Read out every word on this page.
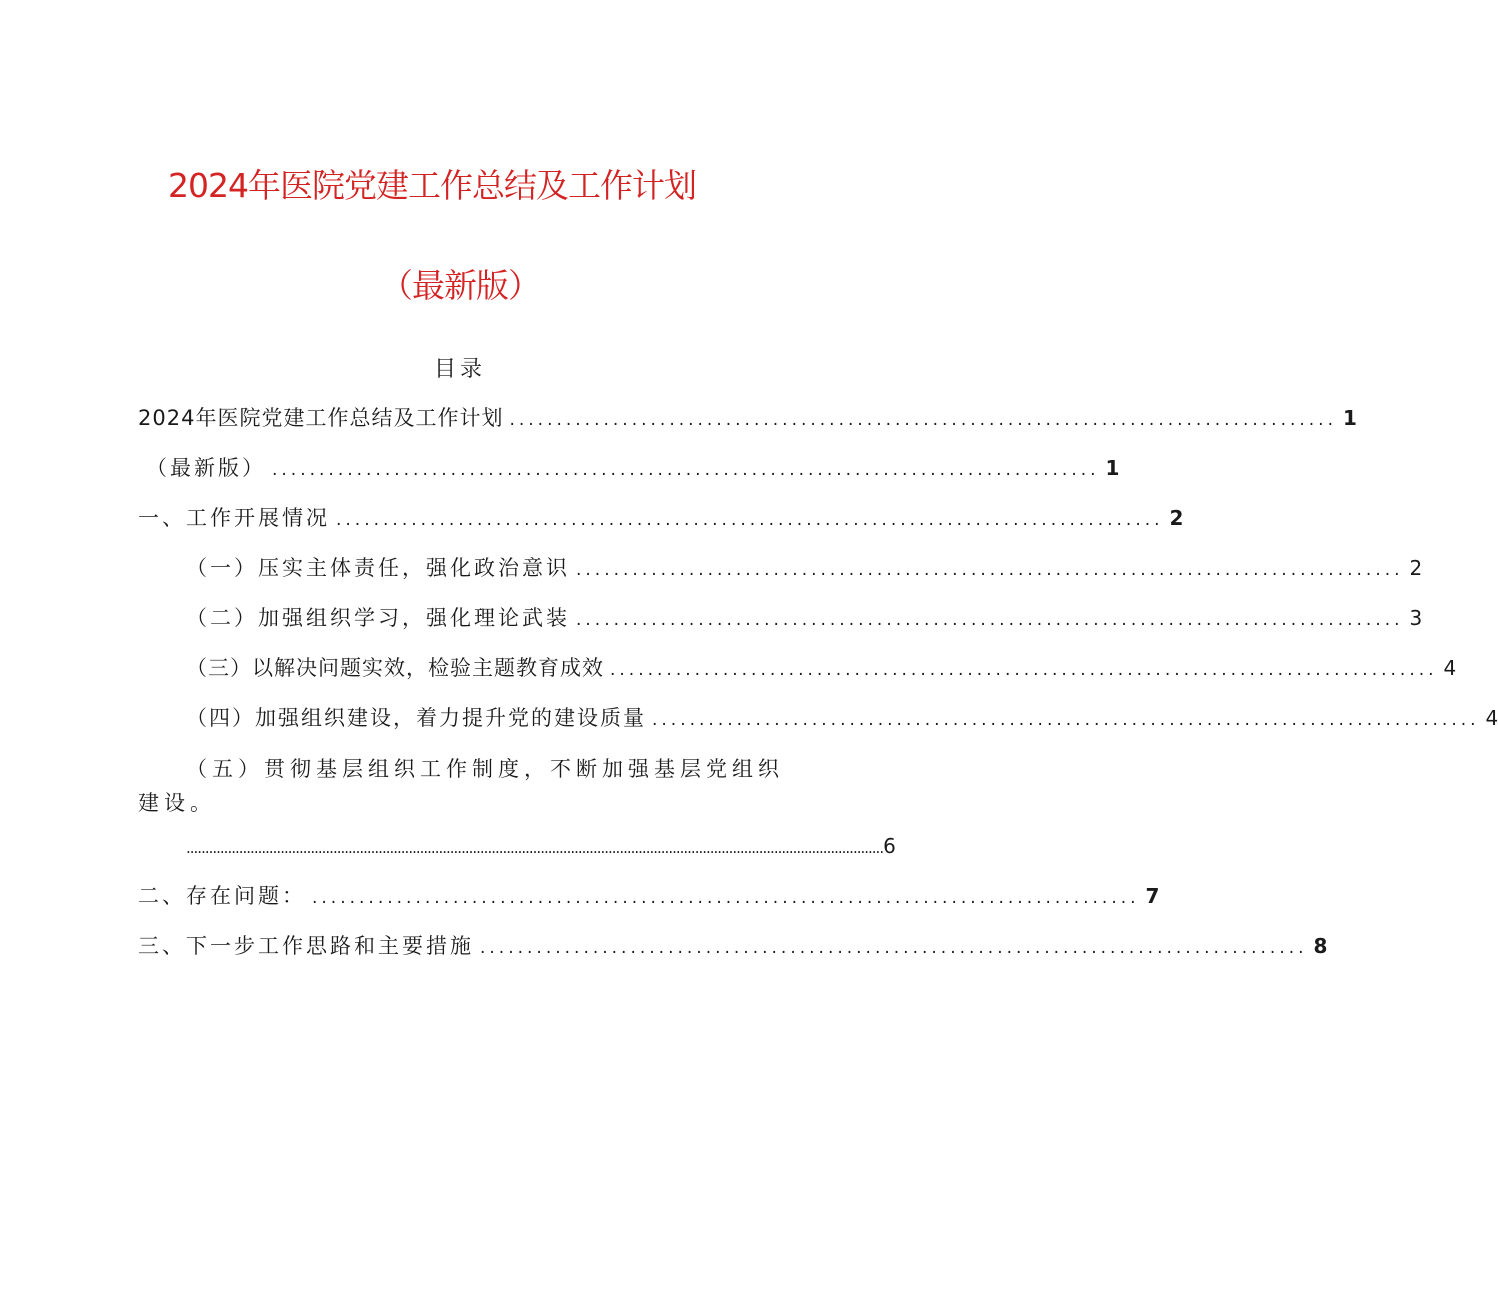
2024年医院党建工作总结及工作计划
（最新版）
目录
2024年医院党建工作总结及工作计划 ........................................................................................ 1
（最新版） ........................................................................................ 1
一、工作开展情况 ........................................................................................ 2
（一）压实主体责任，强化政治意识 ........................................................................................ 2
（二）加强组织学习，强化理论武装 ........................................................................................ 3
（三）以解决问题实效，检验主题教育成效 ........................................................................................ 4
（四）加强组织建设，着力提升党的建设质量 ........................................................................................ 4
（五）贯彻基层组织工作制度，不断加强基层党组织建设。
......................................................................................................................................................................................... 6
二、存在问题： ........................................................................................ 7
三、下一步工作思路和主要措施 ........................................................................................ 8
